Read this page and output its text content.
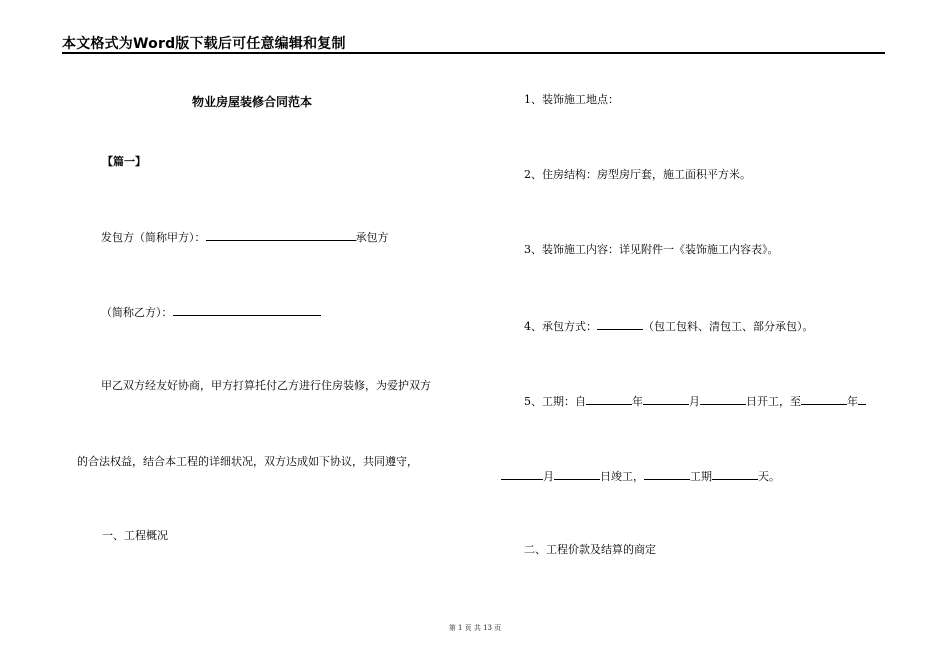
本文格式为Word版下载后可任意编辑和复制
物业房屋装修合同范本
【篇一】
发包方（简称甲方）：	承包方
（简称乙方）：
甲乙双方经友好协商，甲方打算托付乙方进行住房装修，为爱护双方
的合法权益，结合本工程的详细状况，双方达成如下协议，共同遵守，
一、工程概况
1、装饰施工地点：
2、住房结构：房型房厅套，施工面积平方米。
3、装饰施工内容：详见附件一《装饰施工内容表》。
4、承包方式：	（包工包料、清包工、部分承包）。
5、工期：自	年	月	日开工，至	年
月	日竣工，	工期	天。
二、工程价款及结算的商定
第 1 页 共 13 页
